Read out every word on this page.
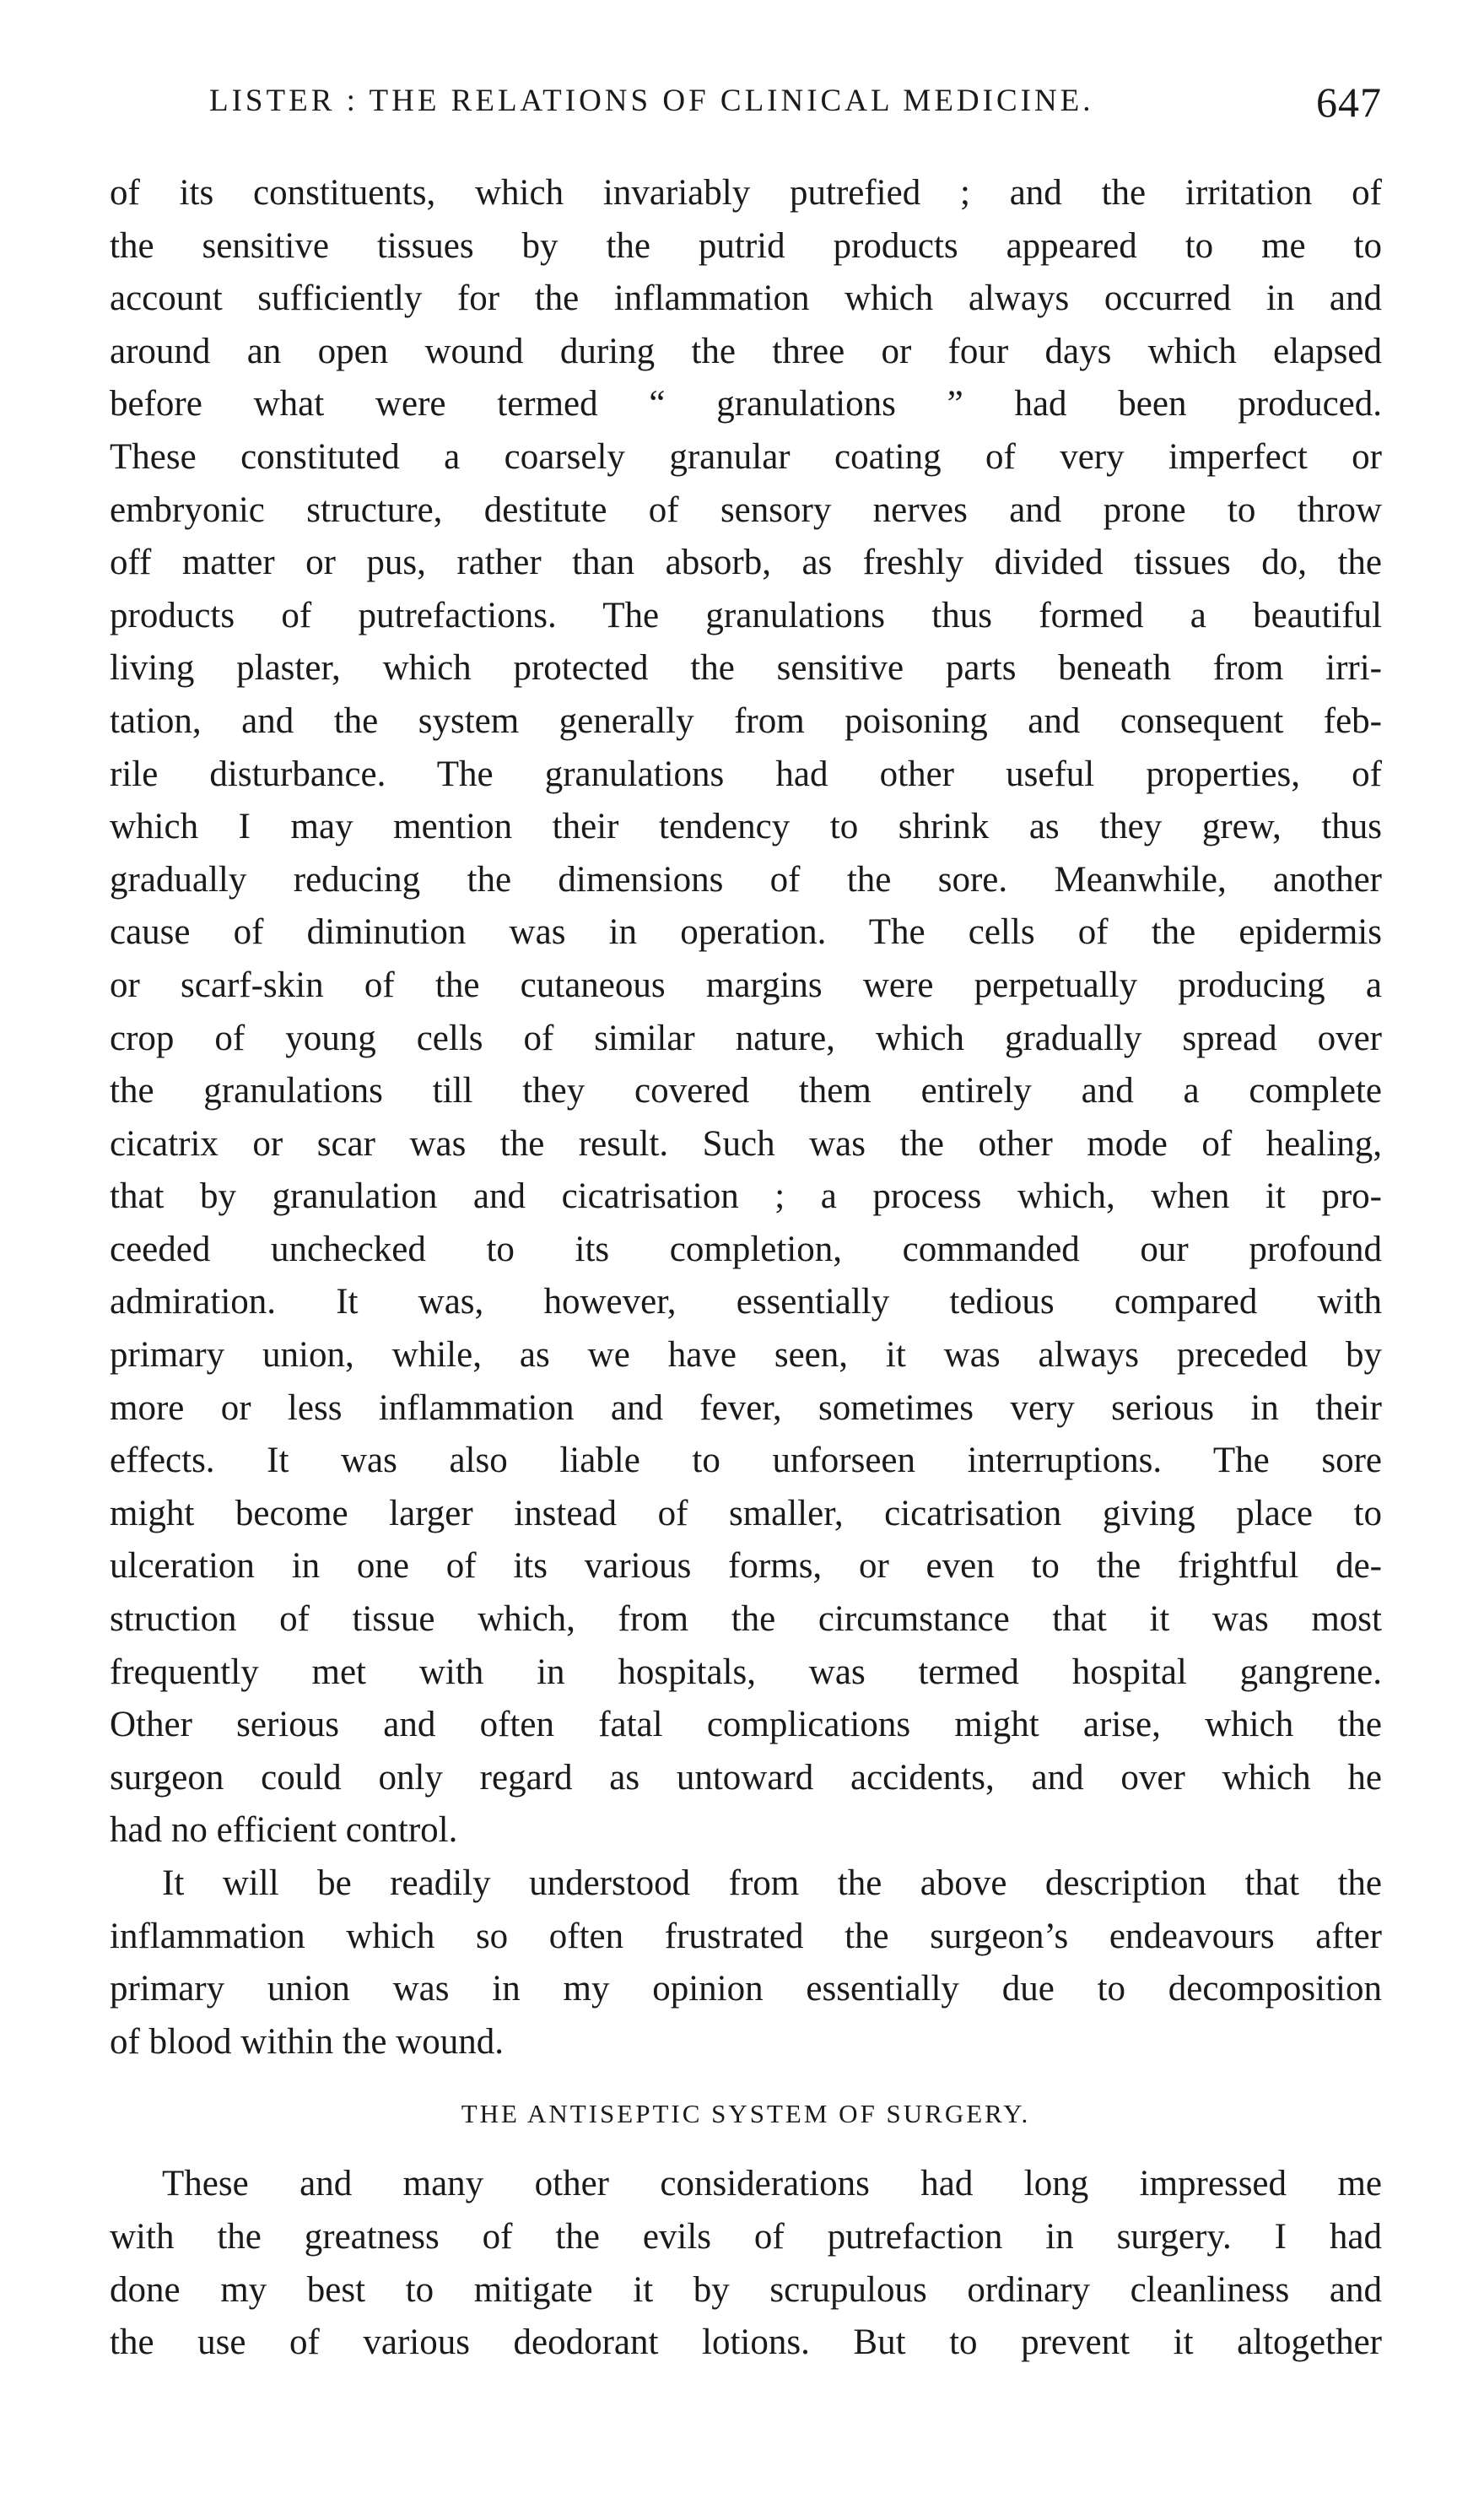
LISTER : THE RELATIONS OF CLINICAL MEDICINE.	647
of its constituents, which invariably putrefied ; and the irritation of
the sensitive tissues by the putrid products appeared to me to
account sufficiently for the inflammation which always occurred in and
around an open wound during the three or four days which elapsed
before what were termed “ granulations ” had been produced.
These constituted a coarsely granular coating of very imperfect or
embryonic structure, destitute of sensory nerves and prone to throw
off matter or pus, rather than absorb, as freshly divided tissues do, the
products of putrefactions. The granulations thus formed a beautiful
living plaster, which protected the sensitive parts beneath from irri-
tation, and the system generally from poisoning and consequent feb-
rile disturbance. The granulations had other useful properties, of
which I may mention their tendency to shrink as they grew, thus
gradually reducing the dimensions of the sore. Meanwhile, another
cause of diminution was in operation. The cells of the epidermis
or scarf-skin of the cutaneous margins were perpetually producing a
crop of young cells of similar nature, which gradually spread over
the granulations till they covered them entirely and a complete
cicatrix or scar was the result. Such was the other mode of healing,
that by granulation and cicatrisation ; a process which, when it pro-
ceeded unchecked to its completion, commanded our profound
admiration. It was, however, essentially tedious compared with
primary union, while, as we have seen, it was always preceded by
more or less inflammation and fever, sometimes very serious in their
effects. It was also liable to unforseen interruptions. The sore
might become larger instead of smaller, cicatrisation giving place to
ulceration in one of its various forms, or even to the frightful de-
struction of tissue which, from the circumstance that it was most
frequently met with in hospitals, was termed hospital gangrene.
Other serious and often fatal complications might arise, which the
surgeon could only regard as untoward accidents, and over which he
had no efficient control.
It will be readily understood from the above description that the
inflammation which so often frustrated the surgeon’s endeavours after
primary union was in my opinion essentially due to decomposition
of blood within the wound.
THE ANTISEPTIC SYSTEM OF SURGERY.
These and many other considerations had long impressed me
with the greatness of the evils of putrefaction in surgery. I had
done my best to mitigate it by scrupulous ordinary cleanliness and
the use of various deodorant lotions. But to prevent it altogether
